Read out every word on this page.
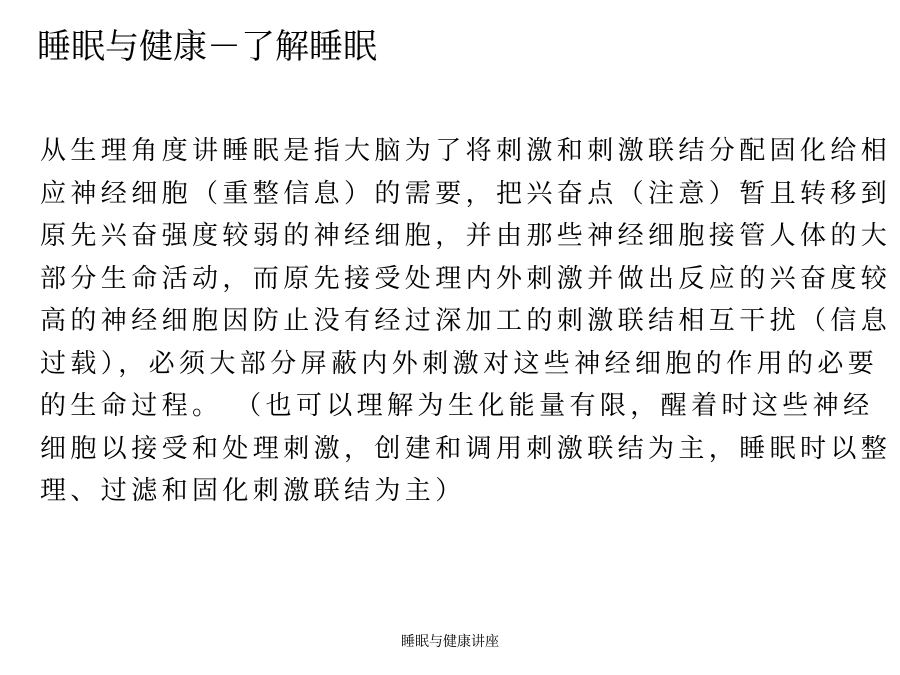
睡眠与健康－了解睡眠
从生理角度讲睡眠是指大脑为了将刺激和刺激联结分配固化给相
应神经细胞（重整信息）的需要，把兴奋点（注意）暂且转移到
原先兴奋强度较弱的神经细胞，并由那些神经细胞接管人体的大
部分生命活动，而原先接受处理内外刺激并做出反应的兴奋度较
高的神经细胞因防止没有经过深加工的刺激联结相互干扰（信息
过载），必须大部分屏蔽内外刺激对这些神经细胞的作用的必要
的生命过程。 （也可以理解为生化能量有限，醒着时这些神经
细胞以接受和处理刺激，创建和调用刺激联结为主，睡眠时以整
理、过滤和固化刺激联结为主）
睡眠与健康讲座
